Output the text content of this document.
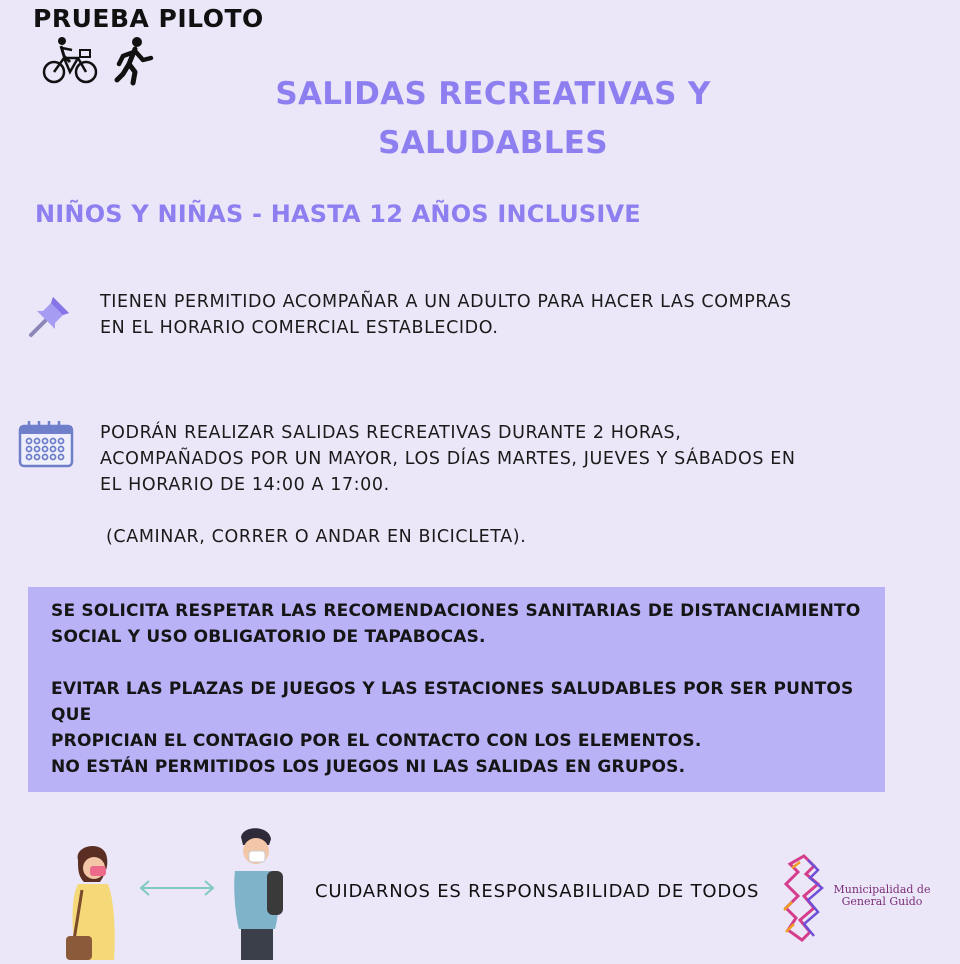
PRUEBA PILOTO
SALIDAS RECREATIVAS Y
SALUDABLES
NIÑOS Y NIÑAS - HASTA 12 AÑOS INCLUSIVE
TIENEN PERMITIDO ACOMPAÑAR A UN ADULTO PARA HACER LAS COMPRAS
EN EL HORARIO COMERCIAL ESTABLECIDO.
PODRÁN REALIZAR SALIDAS RECREATIVAS DURANTE 2 HORAS,
ACOMPAÑADOS POR UN MAYOR, LOS DÍAS MARTES, JUEVES Y SÁBADOS EN
EL HORARIO DE 14:00 A 17:00.
(CAMINAR, CORRER O ANDAR EN BICICLETA).
SE SOLICITA RESPETAR LAS RECOMENDACIONES SANITARIAS DE DISTANCIAMIENTO
SOCIAL Y USO OBLIGATORIO DE TAPABOCAS.
EVITAR LAS PLAZAS DE JUEGOS Y LAS ESTACIONES SALUDABLES POR SER PUNTOS QUE
PROPICIAN EL CONTAGIO POR EL CONTACTO CON LOS ELEMENTOS.
NO ESTÁN PERMITIDOS LOS JUEGOS NI LAS SALIDAS EN GRUPOS.
CUIDARNOS ES RESPONSABILIDAD DE TODOS	Municipalidad de
General Guido
